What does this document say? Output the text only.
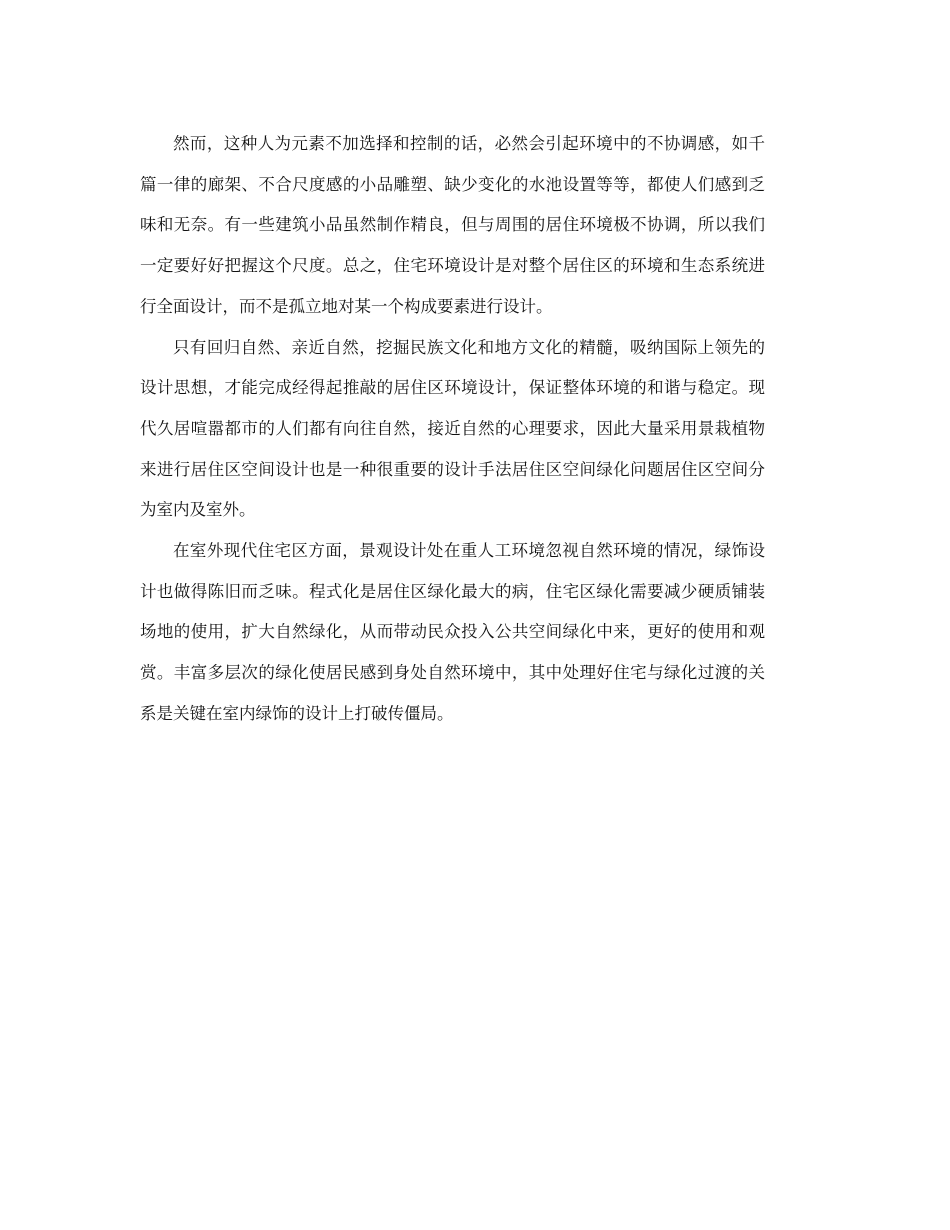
然而，这种人为元素不加选择和控制的话，必然会引起环境中的不协调感，如千篇一律的廊架、不合尺度感的小品雕塑、缺少变化的水池设置等等，都使人们感到乏味和无奈。有一些建筑小品虽然制作精良，但与周围的居住环境极不协调，所以我们一定要好好把握这个尺度。总之，住宅环境设计是对整个居住区的环境和生态系统进行全面设计，而不是孤立地对某一个构成要素进行设计。

只有回归自然、亲近自然，挖掘民族文化和地方文化的精髓，吸纳国际上领先的设计思想，才能完成经得起推敲的居住区环境设计，保证整体环境的和谐与稳定。现代久居喧嚣都市的人们都有向往自然，接近自然的心理要求，因此大量采用景栽植物来进行居住区空间设计也是一种很重要的设计手法居住区空间绿化问题居住区空间分为室内及室外。

在室外现代住宅区方面，景观设计处在重人工环境忽视自然环境的情况，绿饰设计也做得陈旧而乏味。程式化是居住区绿化最大的病，住宅区绿化需要减少硬质铺装场地的使用，扩大自然绿化，从而带动民众投入公共空间绿化中来，更好的使用和观赏。丰富多层次的绿化使居民感到身处自然环境中，其中处理好住宅与绿化过渡的关系是关键在室内绿饰的设计上打破传僵局。
